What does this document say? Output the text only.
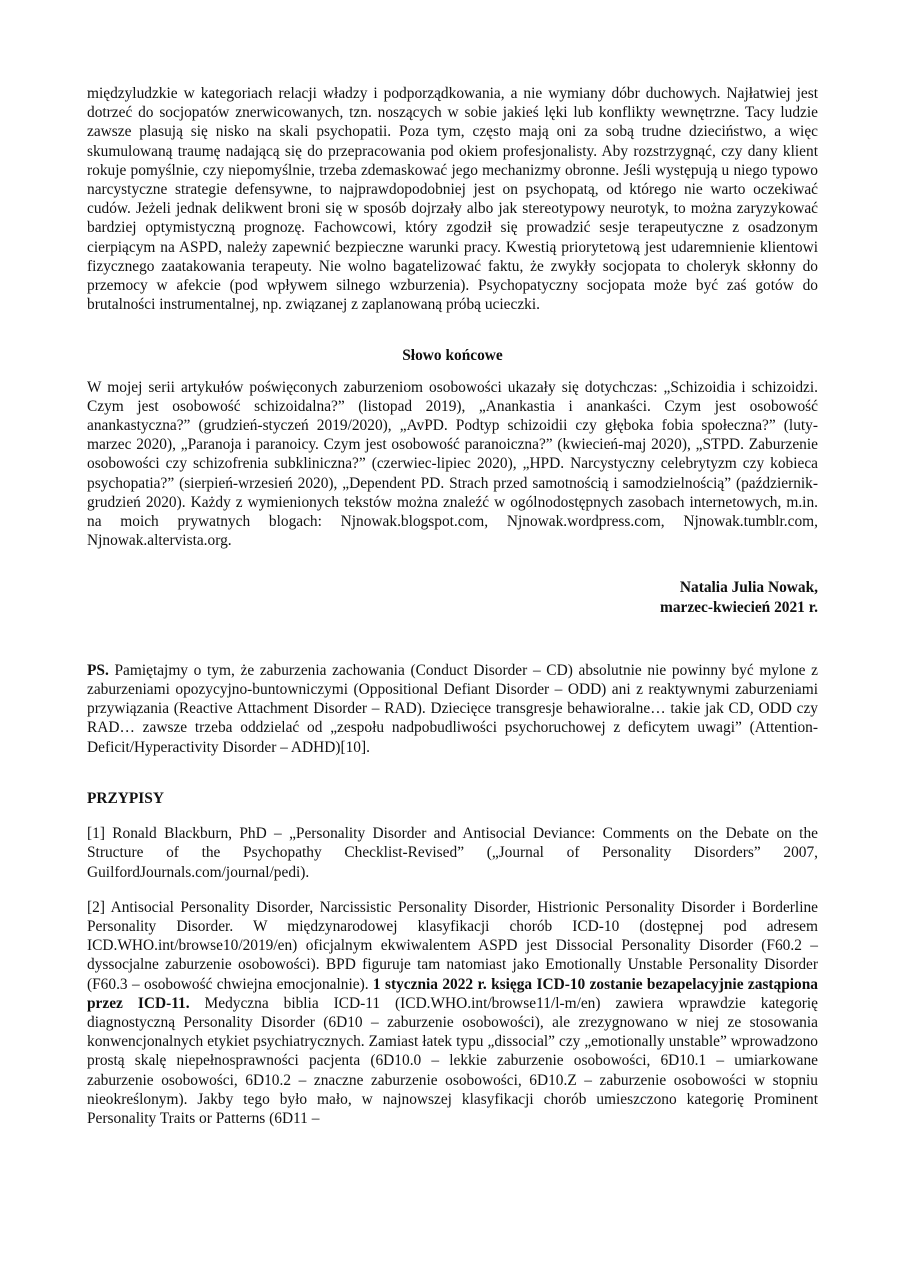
międzyludzkie w kategoriach relacji władzy i podporządkowania, a nie wymiany dóbr duchowych. Najłatwiej jest dotrzeć do socjopatów znerwicowanych, tzn. noszących w sobie jakieś lęki lub konflikty wewnętrzne. Tacy ludzie zawsze plasują się nisko na skali psychopatii. Poza tym, często mają oni za sobą trudne dzieciństwo, a więc skumulowaną traumę nadającą się do przepracowania pod okiem profesjonalisty. Aby rozstrzygnąć, czy dany klient rokuje pomyślnie, czy niepomyślnie, trzeba zdemaskować jego mechanizmy obronne. Jeśli występują u niego typowo narcystyczne strategie defensywne, to najprawdopodobniej jest on psychopatą, od którego nie warto oczekiwać cudów. Jeżeli jednak delikwent broni się w sposób dojrzały albo jak stereotypowy neurotyk, to można zaryzykować bardziej optymistyczną prognozę. Fachowcowi, który zgodził się prowadzić sesje terapeutyczne z osadzonym cierpiącym na ASPD, należy zapewnić bezpieczne warunki pracy. Kwestią priorytetową jest udaremnienie klientowi fizycznego zaatakowania terapeuty. Nie wolno bagatelizować faktu, że zwykły socjopata to choleryk skłonny do przemocy w afekcie (pod wpływem silnego wzburzenia). Psychopatyczny socjopata może być zaś gotów do brutalności instrumentalnej, np. związanej z zaplanowaną próbą ucieczki.

Słowo końcowe

W mojej serii artykułów poświęconych zaburzeniom osobowości ukazały się dotychczas: „Schizoidia i schizoidzi. Czym jest osobowość schizoidalna?” (listopad 2019), „Anankastia i anankaści. Czym jest osobowość anankastyczna?” (grudzień-styczeń 2019/2020), „AvPD. Podtyp schizoidii czy głęboka fobia społeczna?” (luty-marzec 2020), „Paranoja i paranoicy. Czym jest osobowość paranoiczna?” (kwiecień-maj 2020), „STPD. Zaburzenie osobowości czy schizofrenia subkliniczna?” (czerwiec-lipiec 2020), „HPD. Narcystyczny celebrytyzm czy kobieca psychopatia?” (sierpień-wrzesień 2020), „Dependent PD. Strach przed samotnością i samodzielnością” (październik-grudzień 2020). Każdy z wymienionych tekstów można znaleźć w ogólnodostępnych zasobach internetowych, m.in. na moich prywatnych blogach: Njnowak.blogspot.com, Njnowak.wordpress.com, Njnowak.tumblr.com, Njnowak.altervista.org.

Natalia Julia Nowak,
marzec-kwiecień 2021 r.

PS. Pamiętajmy o tym, że zaburzenia zachowania (Conduct Disorder – CD) absolutnie nie powinny być mylone z zaburzeniami opozycyjno-buntowniczymi (Oppositional Defiant Disorder – ODD) ani z reaktywnymi zaburzeniami przywiązania (Reactive Attachment Disorder – RAD). Dziecięce transgresje behawioralne… takie jak CD, ODD czy RAD… zawsze trzeba oddzielać od „zespołu nadpobudliwości psychoruchowej z deficytem uwagi” (Attention-Deficit/Hyperactivity Disorder – ADHD)[10].

PRZYPISY

[1] Ronald Blackburn, PhD – „Personality Disorder and Antisocial Deviance: Comments on the Debate on the Structure of the Psychopathy Checklist-Revised” („Journal of Personality Disorders” 2007, GuilfordJournals.com/journal/pedi).

[2] Antisocial Personality Disorder, Narcissistic Personality Disorder, Histrionic Personality Disorder i Borderline Personality Disorder. W międzynarodowej klasyfikacji chorób ICD-10 (dostępnej pod adresem ICD.WHO.int/browse10/2019/en) oficjalnym ekwiwalentem ASPD jest Dissocial Personality Disorder (F60.2 – dyssocjalne zaburzenie osobowości). BPD figuruje tam natomiast jako Emotionally Unstable Personality Disorder (F60.3 – osobowość chwiejna emocjonalnie). 1 stycznia 2022 r. księga ICD-10 zostanie bezapelacyjnie zastąpiona przez ICD-11. Medyczna biblia ICD-11 (ICD.WHO.int/browse11/l-m/en) zawiera wprawdzie kategorię diagnostyczną Personality Disorder (6D10 – zaburzenie osobowości), ale zrezygnowano w niej ze stosowania konwencjonalnych etykiet psychiatrycznych. Zamiast łatek typu „dissocial” czy „emotionally unstable” wprowadzono prostą skalę niepełnosprawności pacjenta (6D10.0 – lekkie zaburzenie osobowości, 6D10.1 – umiarkowane zaburzenie osobowości, 6D10.2 – znaczne zaburzenie osobowości, 6D10.Z – zaburzenie osobowości w stopniu nieokreślonym). Jakby tego było mało, w najnowszej klasyfikacji chorób umieszczono kategorię Prominent Personality Traits or Patterns (6D11 –
